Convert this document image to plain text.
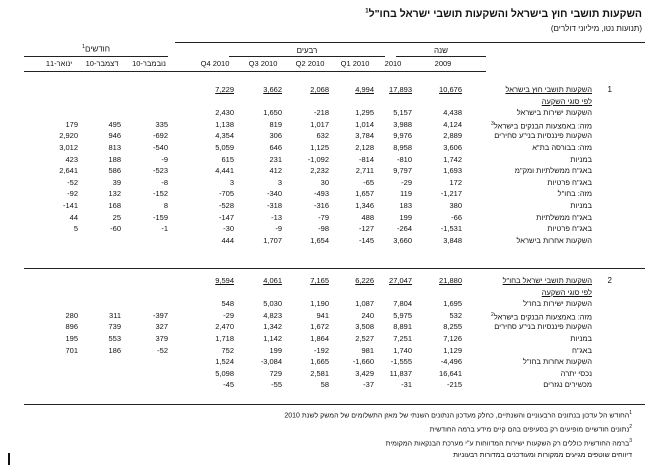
השקעות תושבי חוץ בישראל והשקעות תושבי ישראל בחו"ל$^1$
(תנועות נטו, מיליוני דולרים)
שנה
רבעים
חודשים$^1$
2009
2010
Q1 2010
Q2 2010
Q3 2010
Q4 2010
נובמבר-10
דצמבר-10
ינואר-11
1
השקעות תושבי חוץ בישראל
10,676
17,893
4,994
2,068
3,662
7,229
לפי סוגי השקעה
השקעות ישירות בישראל
4,438
5,157
1,295
-218
1,650
2,430
מזה: באמצעות הבנקים בישראל$^3$
4,124
3,988
1,014
1,017
819
1,138
335
495
179
השקעות פיננסיות בני"ע סחירים
2,889
9,976
3,784
632
306
4,354
-692
946
2,920
מזה: בבורסה בת"א
3,606
8,958
2,128
1,125
646
5,059
-540
813
3,012
במניות
1,742
-810
-814
-1,092
231
615
-9
188
423
באג"ח ממשלתיות ומק"מ
1,693
9,797
2,711
2,232
412
4,441
-523
586
2,641
באג"ח פרטיות
172
-29
-65
30
3
3
-8
39
-52
מזה: בחו"ל
-1,217
119
1,657
-493
-340
-705
-152
132
-92
במניות
380
183
1,346
-316
-318
-528
8
168
-141
באג"ח ממשלתיות
-66
199
488
-79
-13
-147
-159
25
44
באג"ח פרטיות
-1,531
-264
-127
-98
-9
-30
-1
-60
5
השקעות אחרות בישראל
3,848
3,660
-145
1,654
1,707
444
2
השקעות תושבי ישראל בחו"ל
21,880
27,047
6,226
7,165
4,061
9,594
לפי סוגי השקעה
השקעות ישירות בחו"ל
1,695
7,804
1,087
1,190
5,030
548
מזה: באמצעות הבנקים בישראל$^2$
532
5,975
240
941
4,823
-29
-397
311
280
השקעות פיננסיות בני"ע סחירים
8,255
8,891
3,508
1,672
1,342
2,470
327
739
896
במניות
7,126
7,251
2,527
1,864
1,142
1,718
379
553
195
באג"ח
1,129
1,740
981
-192
199
752
-52
186
701
השקעות אחרות בחו"ל
-4,496
-1,555
-1,660
1,665
-3,084
1,524
נכסי יתרה
16,641
11,837
3,429
2,581
729
5,098
מכשירים נגזרים
-215
-31
-37
58
-55
-45
$^1$החודש הל עדכון בנתונים הרבעוניים והשנתיים, כחלק מעדכון הנתונים השנתי של מאזן התשלומים של המשק לשנת 2010
$^2$נתונים חודשיים מופיעים רק בסעיפים בהם קיים מידע ברמה החודשית
$^3$ברמה החודשית כוללים רק השקעות ישירות המדווחות ע"י מערכת הבנקאות המקומית
דיווחים שוטפים מגיעים ממקורות ומעודכנים במדורות רבעוניות
